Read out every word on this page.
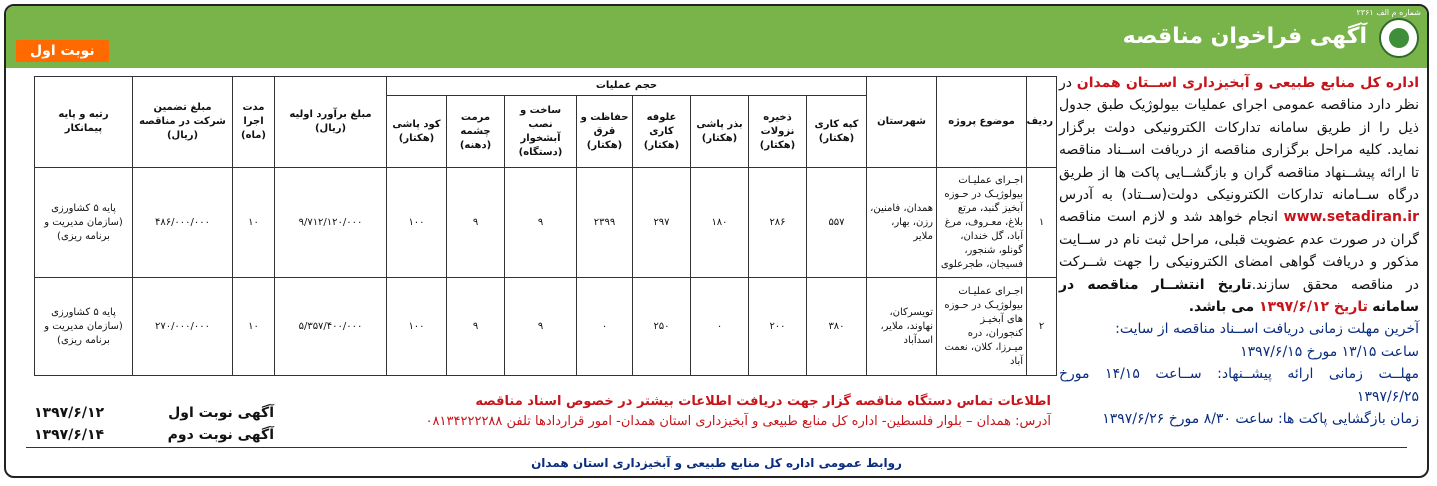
شماره م الف ۲۳۶۱
آگهی فراخوان مناقصه
نوبت اول
اداره کل منابع طبیعی و آبخیزداری اســتان همدان در نظر دارد مناقصه عمومی اجرای عملیات بیولوژیک طبق جدول ذیل را از طریق سامانه تدارکات الکترونیکی دولت برگزار نماید. کلیه مراحل برگزاری مناقصه از دریافت اســناد مناقصه تا ارائه پیشــنهاد مناقصه گران و بازگشــایی پاکت ها از طریق درگاه ســامانه تدارکات الکترونیکی دولت(ســتاد) به آدرس www.setadiran.ir انجام خواهد شد و لازم است مناقصه گران در صورت عدم عضویت قبلی، مراحل ثبت نام در ســایت مذکور و دریافت گواهی امضای الکترونیکی را جهت شــرکت در مناقصه محقق سازند.تاریخ انتشــار مناقصه در سامانه تاریخ ۱۳۹۷/۶/۱۲ می باشد.
آخرین مهلت زمانی دریافت اســناد مناقصه از سایت:
ساعت ۱۳/۱۵ مورخ ۱۳۹۷/۶/۱۵
مهلــت زمانی ارائه پیشــنهاد: ســاعت ۱۴/۱۵ مورخ ۱۳۹۷/۶/۲۵
زمان بازگشایی پاکت ها: ساعت ۸/۳۰ مورخ ۱۳۹۷/۶/۲۶
ردیف	موضوع پروژه	شهرستان	حجم عملیات								مبلغ برآورد اولیه (ریال)	مدت اجرا (ماه)	مبلغ تضمین شرکت در مناقصه (ریال)	رتبه و پایه پیمانکار
			کپه کاری (هکتار)	ذخیره نزولات (هکتار)	بذر پاشی (هکتار)	علوفه کاری (هکتار)	حفاظت و قرق (هکتار)	ساخت و نصب آبشخوار (دستگاه)	مرمت چشمه (دهنه)	کود پاشی (هکتار)				
۱	اجـرای عملیـات بیولوژیـک در حـوزه آبخیز گنبد، مرتع بلاغ، معـروف، مرغ آباد، گل خندان، گونلو، شنجور، فسیجان، طجرعلوی	همدان، فامنین، رزن، بهار، ملایر	۵۵۷	۲۸۶	۱۸۰	۲۹۷	۲۳۹۹	۹	۹	۱۰۰	۹/۷۱۲/۱۲۰/۰۰۰	۱۰	۴۸۶/۰۰۰/۰۰۰	پایه ۵ کشاورزی (سازمان مدیریت و برنامه ریزی)
۲	اجـرای عملیـات بیولوژیـک در حـوزه های آبخیـز کنجوران، دره میـرزا، کلان، نعمت آباد	تویسرکان، نهاوند، ملایر، اسدآباد	۳۸۰	۲۰۰	۰	۲۵۰	۰	۹	۹	۱۰۰	۵/۳۵۷/۴۰۰/۰۰۰	۱۰	۲۷۰/۰۰۰/۰۰۰	پایه ۵ کشاورزی (سازمان مدیریت و برنامه ریزی)
اطلاعات تماس دستگاه مناقصه گزار جهت دریافت اطلاعات بیشتر در خصوص اسناد مناقصه
آدرس: همدان – بلوار فلسطین- اداره کل منابع طبیعی و آبخیزداری استان همدان- امور قراردادها تلفن ۰۸۱۳۴۲۲۲۲۸۸
آگهی نوبت اول
۱۳۹۷/۶/۱۲
آگهی نوبت دوم
۱۳۹۷/۶/۱۴
روابط عمومی اداره کل منابع طبیعی و آبخیزداری استان همدان
